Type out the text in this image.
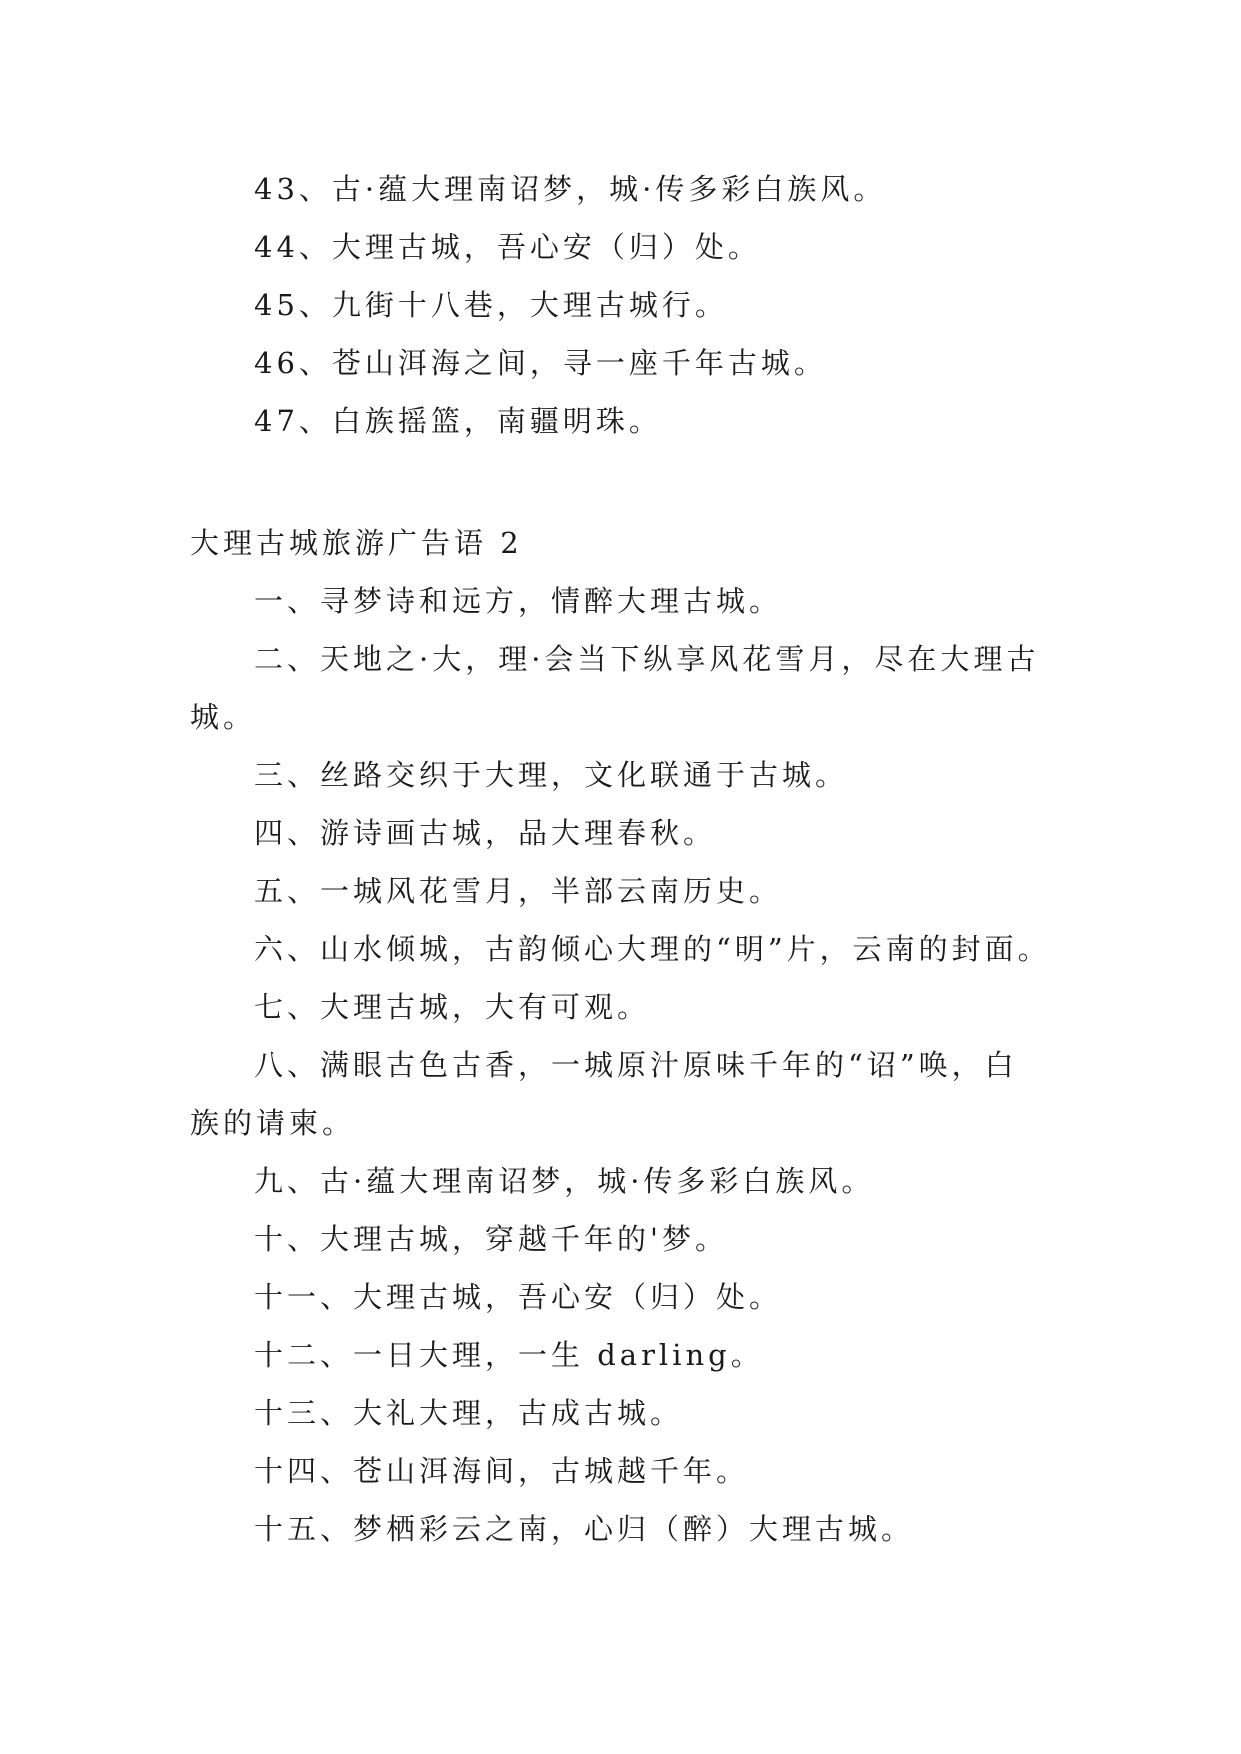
43、古·蕴大理南诏梦，城·传多彩白族风。

44、大理古城，吾心安（归）处。

45、九街十八巷，大理古城行。

46、苍山洱海之间，寻一座千年古城。

47、白族摇篮，南疆明珠。

大理古城旅游广告语 2

一、寻梦诗和远方，情醉大理古城。

二、天地之·大，理·会当下纵享风花雪月，尽在大理古城。

三、丝路交织于大理，文化联通于古城。

四、游诗画古城，品大理春秋。

五、一城风花雪月，半部云南历史。

六、山水倾城，古韵倾心大理的“明”片，云南的封面。

七、大理古城，大有可观。

八、满眼古色古香，一城原汁原味千年的“诏”唤，白族的请柬。

九、古·蕴大理南诏梦，城·传多彩白族风。

十、大理古城，穿越千年的'梦。

十一、大理古城，吾心安（归）处。

十二、一日大理，一生 darling。

十三、大礼大理，古成古城。

十四、苍山洱海间，古城越千年。

十五、梦栖彩云之南，心归（醉）大理古城。
